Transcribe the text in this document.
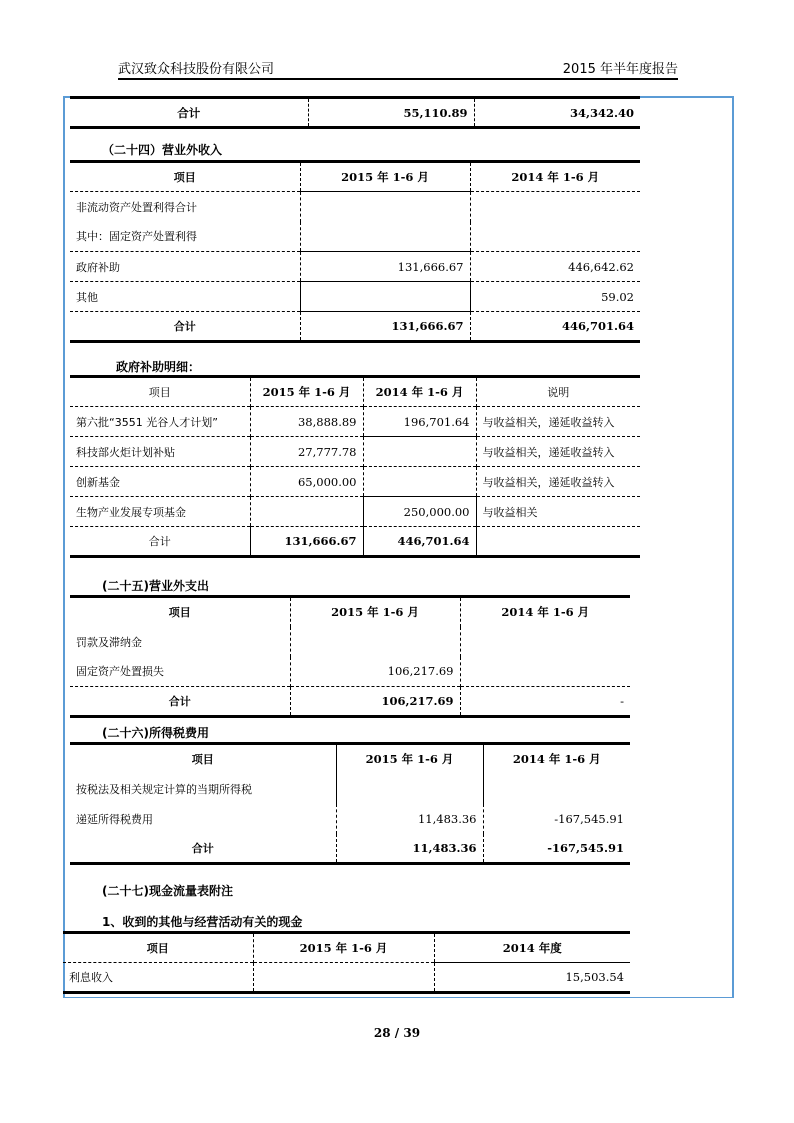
武汉致众科技股份有限公司	2015 年半年度报告
合计	55,110.89	34,342.40
（二十四）营业外收入
项目	2015 年 1-6 月	2014 年 1-6 月
非流动资产处置利得合计		
其中：固定资产处置利得		
政府补助	131,666.67	446,642.62
其他		59.02
合计	131,666.67	446,701.64
政府补助明细：
项目	2015 年 1-6 月	2014 年 1-6 月	说明
第六批“3551 光谷人才计划”	38,888.89	196,701.64	与收益相关，递延收益转入
科技部火炬计划补贴	27,777.78		与收益相关，递延收益转入
创新基金	65,000.00		与收益相关，递延收益转入
生物产业发展专项基金		250,000.00	与收益相关
合计	131,666.67	446,701.64	
(二十五)营业外支出
项目	2015 年 1-6 月	2014 年 1-6 月
罚款及滞纳金		
固定资产处置损失	106,217.69	
合计	106,217.69	-
(二十六)所得税费用
项目	2015 年 1-6 月	2014 年 1-6 月
按税法及相关规定计算的当期所得税		
递延所得税费用	11,483.36	-167,545.91
合计	11,483.36	-167,545.91
(二十七)现金流量表附注
1、收到的其他与经营活动有关的现金
项目	2015 年 1-6 月	2014 年度
利息收入		15,503.54
28 / 39
